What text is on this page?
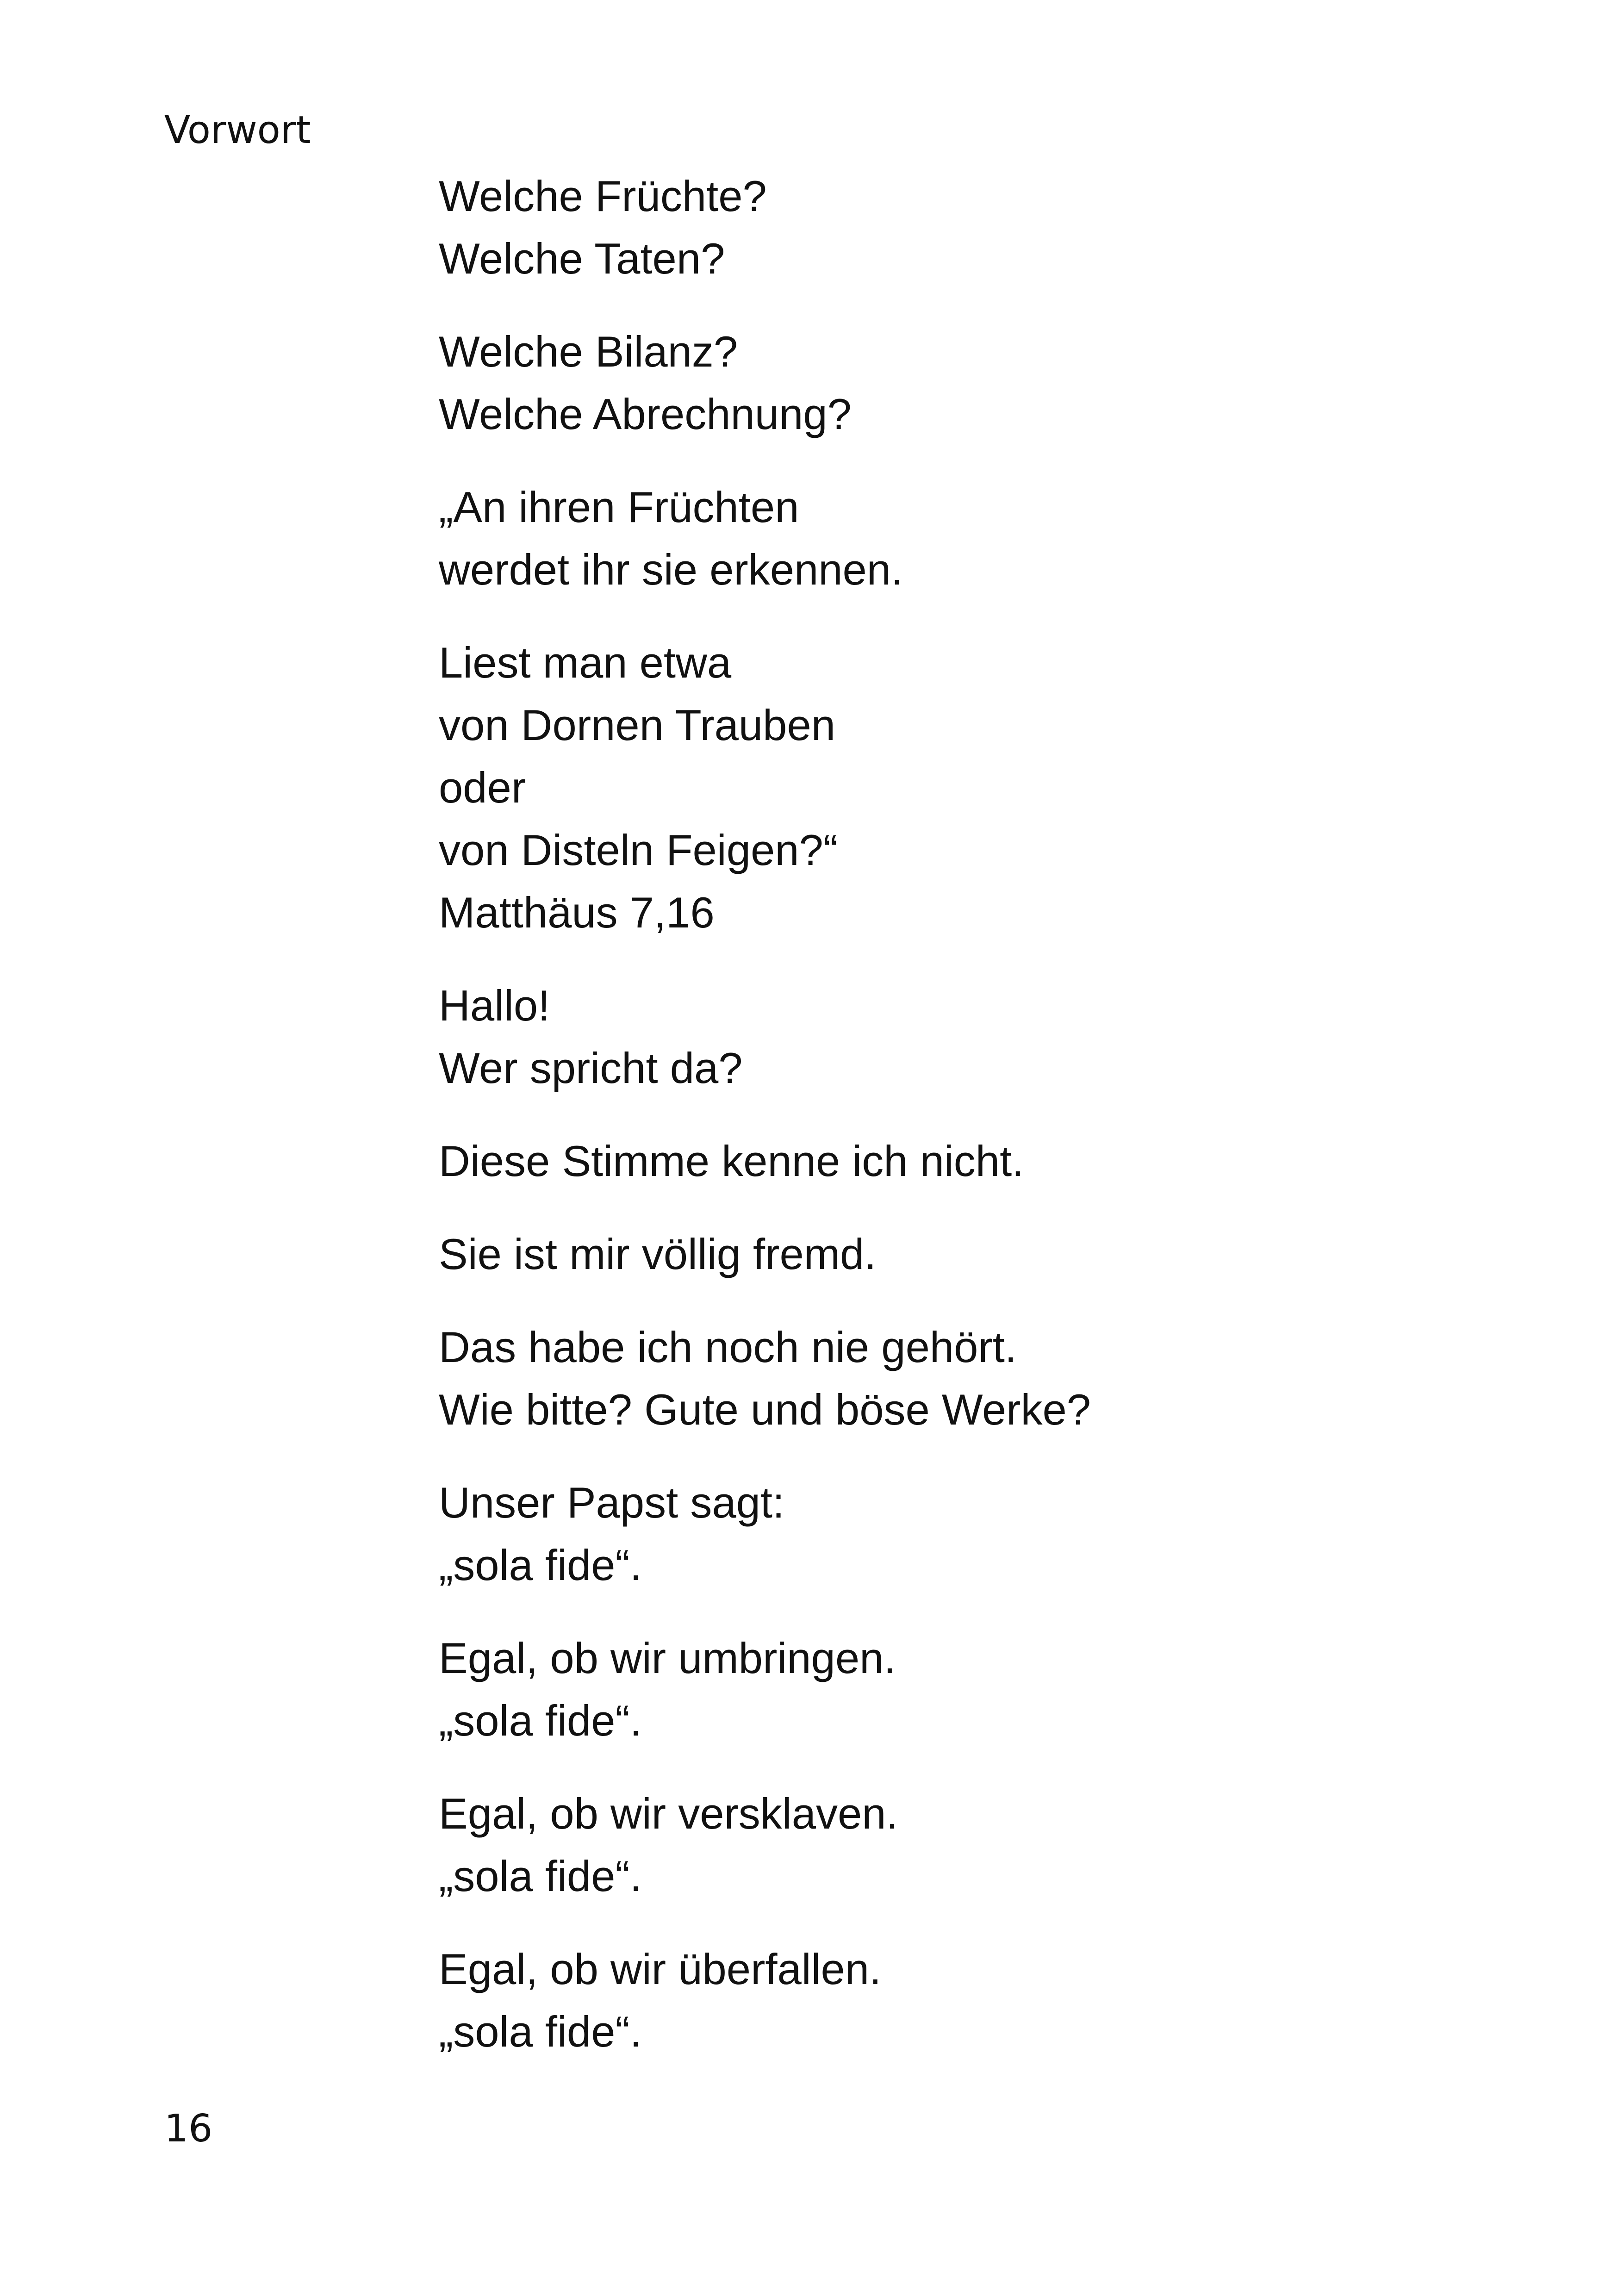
Vorwort
Welche Früchte?
Welche Taten?
Welche Bilanz?
Welche Abrechnung?
„An ihren Früchten
werdet ihr sie erkennen.
Liest man etwa
von Dornen Trauben
oder
von Disteln Feigen?“
Matthäus 7,16
Hallo!
Wer spricht da?
Diese Stimme kenne ich nicht.
Sie ist mir völlig fremd.
Das habe ich noch nie gehört.
Wie bitte? Gute und böse Werke?
Unser Papst sagt:
„sola fide“.
Egal, ob wir umbringen.
„sola fide“.
Egal, ob wir versklaven.
„sola fide“.
Egal, ob wir überfallen.
„sola fide“.
16
